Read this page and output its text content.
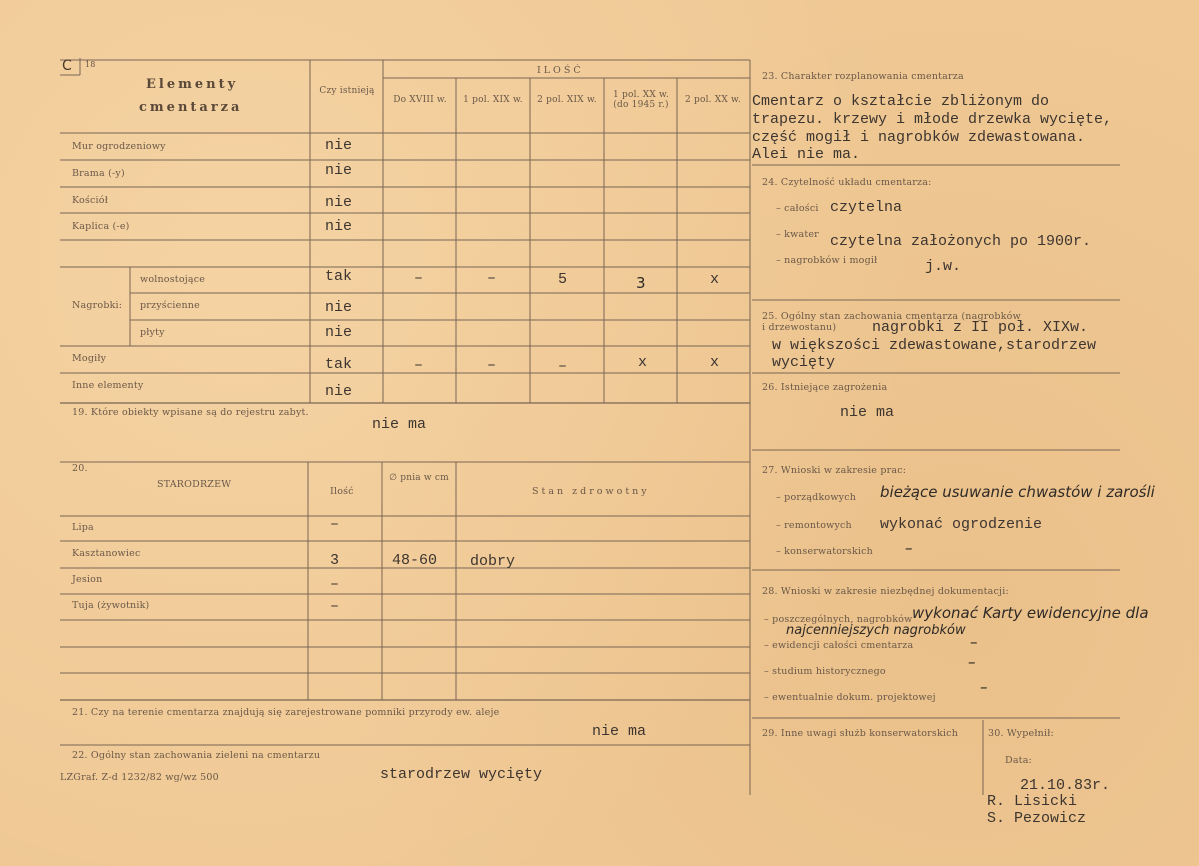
C 18
Elementy
cmentarza
Czy istnieją
ILOŚĆ
Do XVIII w.	1 pol. XIX w. 2 pol. XIX w.	1 pol. XX w. (do 1945 r.)	2 pol. XX w.
Mur ogrodzeniowy	nie
Brama (-y)	nie
Kościół	nie
Kaplica (-e)	nie
Nagrobki:
wolnostojące	tak	–	–	5	3	x
przyścienne	nie
płyty	nie
Mogiły	tak	–	–	–	x	x
Inne elementy	nie
19. Które obiekty wpisane są do rejestru zabyt.
nie ma
20.
STARODRZEW
Ilość
∅ pnia w cm
Stan zdrowotny
Lipa	–
Kasztanowiec	3	48-60 dobry
Jesion	–
Tuja (żywotnik)	–
21. Czy na terenie cmentarza znajdują się zarejestrowane pomniki przyrody ew. aleje
nie ma
22. Ogólny stan zachowania zieleni na cmentarzu
starodrzew wycięty
LZGraf. Z-d 1232/82 wg/wz 500
23. Charakter rozplanowania cmentarza
Cmentarz o kształcie zbliżonym do
trapezu. krzewy i młode drzewka wycięte,
część mogił i nagrobków zdewastowana.
Alei nie ma.
24. Czytelność układu cmentarza:
– całości czytelna
– kwater czytelna założonych po 1900r.
– nagrobków i mogił	j.w.
25. Ogólny stan zachowania cmentarza (nagrobków
i drzewostanu) nagrobki z II poł. XIXw.
w większości zdewastowane,starodrzew
wycięty
26. Istniejące zagrożenia
nie ma
27. Wnioski w zakresie prac:
– porządkowych bieżące usuwanie chwastów i zarośli
– remontowych wykonać ogrodzenie
– konserwatorskich –
28. Wnioski w zakresie niezbędnej dokumentacji:
– poszczególnych, nagrobków wykonać Karty ewidencyjne dla
najcenniejszych nagrobków
– ewidencji całości cmentarza	–
– studium historycznego
–
– ewentualnie dokum. projektowej
–
29. Inne uwagi służb konserwatorskich	30. Wypełnił:
Data:
21.10.83r.
R. Lisicki
S. Pezowicz
